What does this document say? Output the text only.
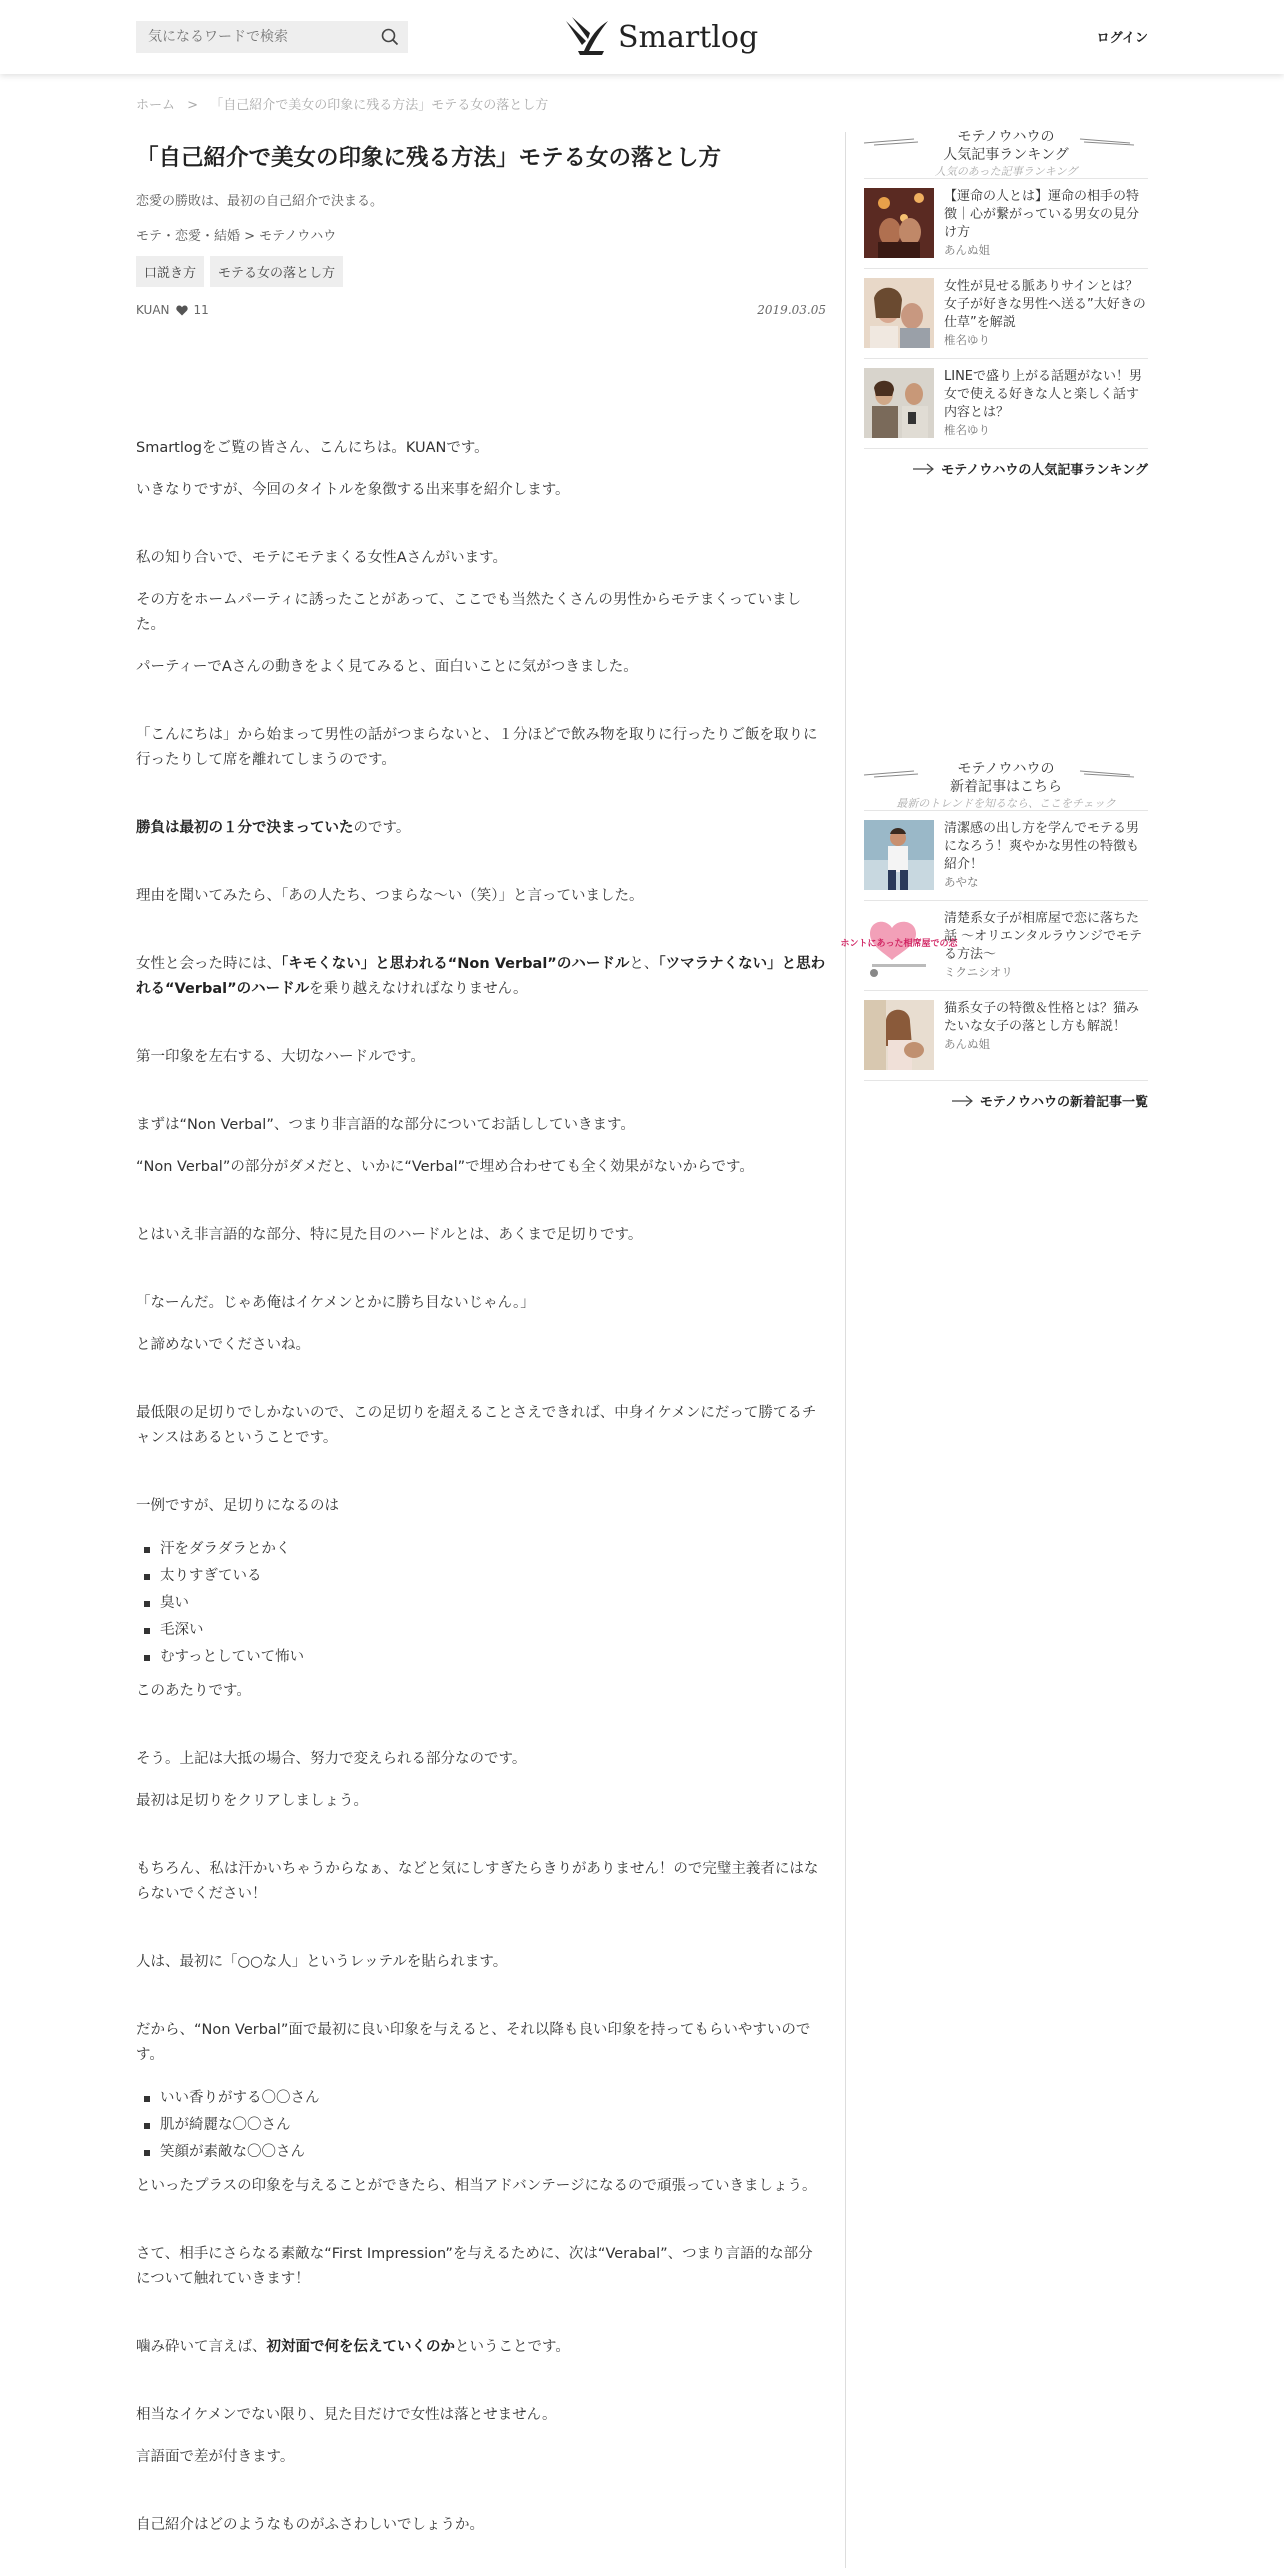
気になるワードで検索
Smartlog	ログイン
ホーム > 「自己紹介で美女の印象に残る方法」モテる女の落とし方
「自己紹介で美女の印象に残る方法」モテる女の落とし方
恋愛の勝敗は、最初の自己紹介で決まる。
モテ・恋愛・結婚 > モテノウハウ
口説き方	モテる女の落とし方
KUAN 11	2019.03.05

Smartlogをご覧の皆さん、こんにちは。KUANです。

いきなりですが、今回のタイトルを象徴する出来事を紹介します。

私の知り合いで、モテにモテまくる女性Aさんがいます。

その方をホームパーティに誘ったことがあって、ここでも当然たくさんの男性からモテまくっていました。

パーティーでAさんの動きをよく見てみると、面白いことに気がつきました。

「こんにちは」から始まって男性の話がつまらないと、１分ほどで飲み物を取りに行ったりご飯を取りに行ったりして席を離れてしまうのです。

勝負は最初の１分で決まっていたのです。

理由を聞いてみたら、「あの人たち、つまらな〜い（笑）」と言っていました。

女性と会った時には、「キモくない」と思われる“Non Verbal”のハードルと、「ツマラナくない」と思われる“Verbal”のハードルを乗り越えなければなりません。

第一印象を左右する、大切なハードルです。

まずは“Non Verbal”、つまり非言語的な部分についてお話ししていきます。

“Non Verbal”の部分がダメだと、いかに“Verbal”で埋め合わせても全く効果がないからです。

とはいえ非言語的な部分、特に見た目のハードルとは、あくまで足切りです。

「なーんだ。じゃあ俺はイケメンとかに勝ち目ないじゃん。」

と諦めないでくださいね。

最低限の足切りでしかないので、この足切りを超えることさえできれば、中身イケメンにだって勝てるチャンスはあるということです。

一例ですが、足切りになるのは

汗をダラダラとかく
太りすぎている
臭い
毛深い
むすっとしていて怖い

このあたりです。

そう。上記は大抵の場合、努力で変えられる部分なのです。

最初は足切りをクリアしましょう。

もちろん、私は汗かいちゃうからなぁ、などと気にしすぎたらきりがありません！ので完璧主義者にはならないでください！

人は、最初に「○○な人」というレッテルを貼られます。

だから、“Non Verbal”面で最初に良い印象を与えると、それ以降も良い印象を持ってもらいやすいのです。

いい香りがする〇〇さん
肌が綺麗な〇〇さん
笑顔が素敵な〇〇さん

といったプラスの印象を与えることができたら、相当アドバンテージになるので頑張っていきましょう。

さて、相手にさらなる素敵な“First Impression”を与えるために、次は“Verabal”、つまり言語的な部分について触れていきます！

噛み砕いて言えば、初対面で何を伝えていくのかということです。

相当なイケメンでない限り、見た目だけで女性は落とせません。

言語面で差が付きます。

自己紹介はどのようなものがふさわしいでしょうか。

モテノウハウの
人気記事ランキング
人気のあった記事ランキング
【運命の人とは】運命の相手の特徴｜心が繋がっている男女の見分け方
あんぬ姐
女性が見せる脈ありサインとは？女子が好きな男性へ送る”大好きの仕草”を解説
椎名ゆり
LINEで盛り上がる話題がない！男女で使える好きな人と楽しく話す内容とは？
椎名ゆり
モテノウハウの人気記事ランキング
モテノウハウの
新着記事はこちら
最新のトレンドを知るなら、ここをチェック
清潔感の出し方を学んでモテる男になろう！爽やかな男性の特徴も紹介！
あやな
ホントにあった相席屋での恋
清楚系女子が相席屋で恋に落ちた話 〜オリエンタルラウンジでモテる方法〜
ミクニシオリ
猫系女子の特徴＆性格とは？猫みたいな女子の落とし方も解説！
あんぬ姐
モテノウハウの新着記事一覧
